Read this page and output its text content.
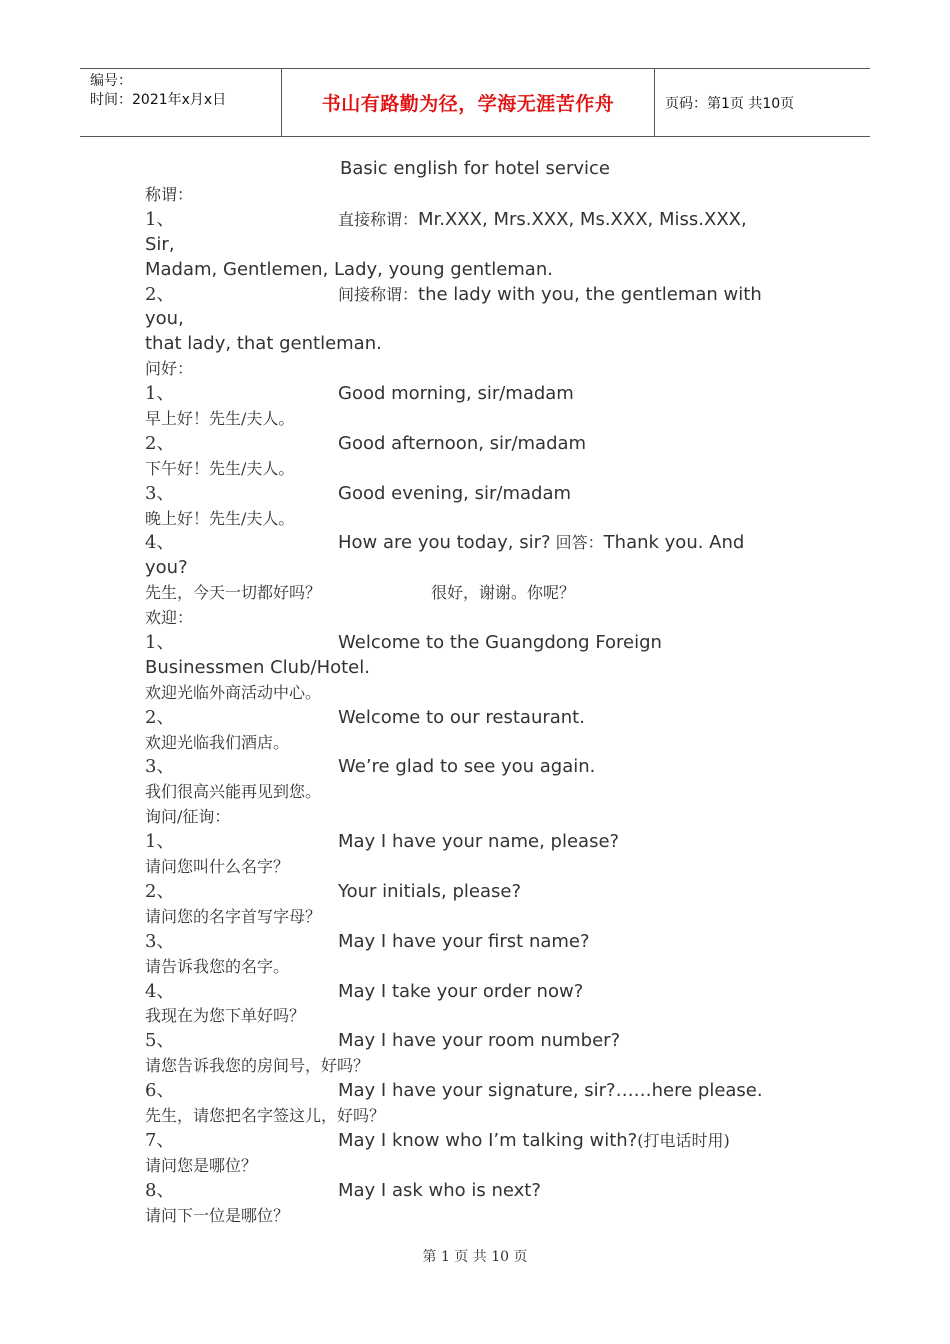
编号：
时间：2021年x月x日	书山有路勤为径，学海无涯苦作舟	页码：第1页 共10页
Basic english for hotel service
称谓：
1、	直接称谓：Mr.XXX, Mrs.XXX, Ms.XXX, Miss.XXX,
Sir,
Madam, Gentlemen, Lady, young gentleman.
2、	间接称谓：the lady with you, the gentleman with
you,
that lady, that gentleman.
问好：
1、	Good morning, sir/madam
早上好！先生/夫人。
2、	Good afternoon, sir/madam
下午好！先生/夫人。
3、	Good evening, sir/madam
晚上好！先生/夫人。
4、	How are you today, sir? 回答：Thank you. And
you?
先生，今天一切都好吗？	很好，谢谢。你呢？
欢迎：
1、	Welcome to the Guangdong Foreign
Businessmen Club/Hotel.
欢迎光临外商活动中心。
2、	Welcome to our restaurant.
欢迎光临我们酒店。
3、	We’re glad to see you again.
我们很高兴能再见到您。
询问/征询：
1、	May I have your name, please?
请问您叫什么名字？
2、	Your initials, please?
请问您的名字首写字母？
3、	May I have your first name?
请告诉我您的名字。
4、	May I take your order now?
我现在为您下单好吗？
5、	May I have your room number?
请您告诉我您的房间号，好吗？
6、	May I have your signature, sir?……here please.
先生，请您把名字签这儿，好吗？
7、	May I know who I’m talking with?(打电话时用)
请问您是哪位？
8、	May I ask who is next?
请问下一位是哪位？
第 1 页 共 10 页
